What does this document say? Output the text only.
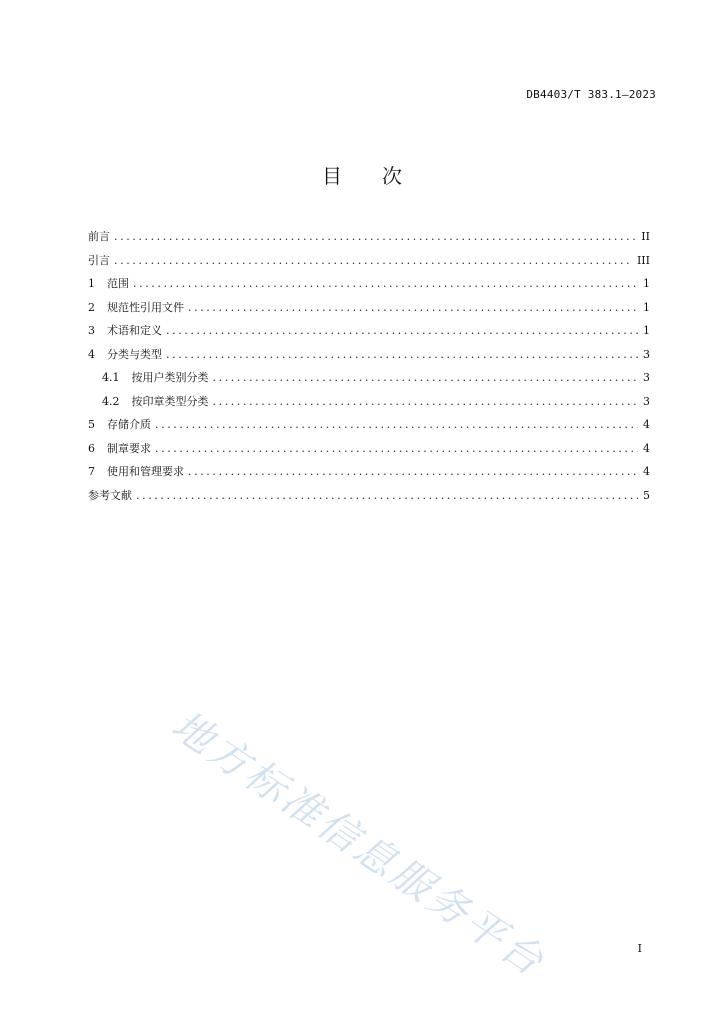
DB4403/T 383.1—2023
目 次
前言 .....	II
引言 .....	III
1 范围 .....	1
2 规范性引用文件 .....	1
3 术语和定义 .....	1
4 分类与类型 .....	3
4.1 按用户类别分类 .....	3
4.2 按印章类型分类 .....	3
5 存储介质 .....	4
6 制章要求 .....	4
7 使用和管理要求 .....	4
参考文献 .....	5
地方标准信息服务平台	I
